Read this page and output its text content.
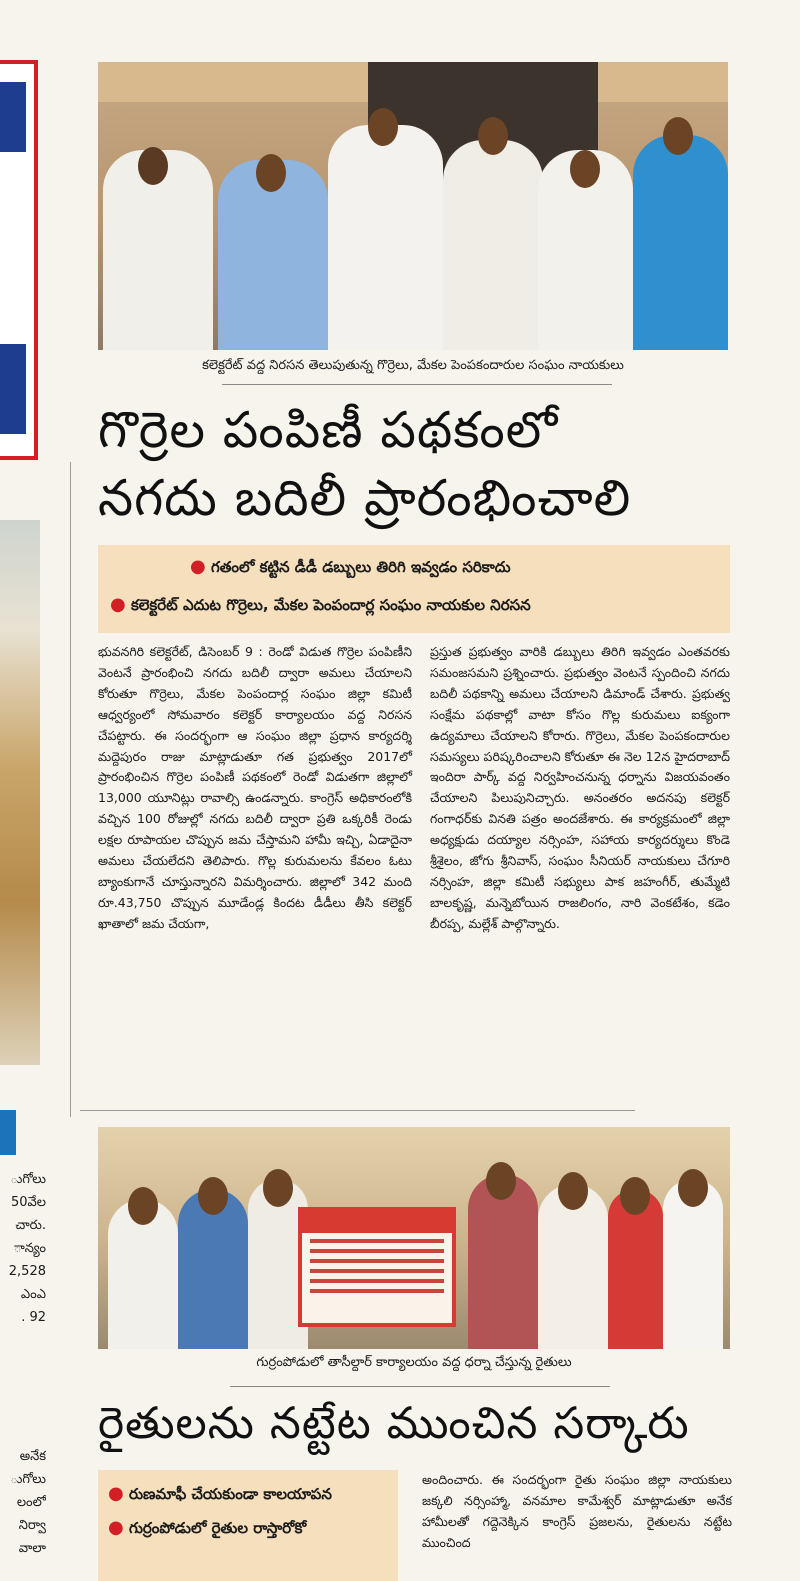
ుగోలు
50వేల
చారు.
ాన్యం
2,528
ఎంఎ
. 92
అనేక
ుగోలు
లంలో
నిర్వా
వాలా
కలెక్టరేట్ వద్ద నిరసన తెలుపుతున్న గొర్రెలు, మేకల పెంపకందారుల సంఘం నాయకులు
గొర్రెల పంపిణీ పథకంలో
నగదు బదిలీ ప్రారంభించాలి
● గతంలో కట్టిన డీడీ డబ్బులు తిరిగి ఇవ్వడం సరికాదు
● కలెక్టరేట్ ఎదుట గొర్రెలు, మేకల పెంపందార్ల సంఘం నాయకుల నిరసన

భువనగిరి కలెక్టరేట్, డిసెంబర్ 9 : రెండో విడుత గొర్రెల పంపిణీని వెంటనే ప్రారంభించి నగదు బదిలీ ద్వారా అమలు చేయాలని కోరుతూ గొర్రెలు, మేకల పెంపందార్ల సంఘం జిల్లా కమిటీ ఆధ్వర్యంలో సోమవారం కలెక్టర్ కార్యాలయం వద్ద నిరసన చేపట్టారు. ఈ సందర్భంగా ఆ సంఘం జిల్లా ప్రధాన కార్యదర్శి మద్దెపురం రాజు మాట్లాడుతూ గత ప్రభుత్వం 2017లో ప్రారంభించిన గొర్రెల పంపిణీ పథకంలో రెండో విడుతగా జిల్లాలో 13,000 యూనిట్లు రావాల్సి ఉండన్నారు. కాంగ్రెస్ అధికారంలోకి వచ్చిన 100 రోజుల్లో నగదు బదిలీ ద్వారా ప్రతి ఒక్కరికీ రెండు లక్షల రూపాయల చొప్పున జమ చేస్తామని హామీ ఇచ్చి, ఏడాదైనా అమలు చేయలేదని తెలిపారు. గొల్ల కురుమలను కేవలం ఓటు బ్యాంకుగానే చూస్తున్నారని విమర్శించారు. జిల్లాలో 342 మంది రూ.43,750 చొప్పున మూడేండ్ల కిందట డీడీలు తీసి కలెక్టర్ ఖాతాలో జమ చేయగా,

ప్రస్తుత ప్రభుత్వం వారికి డబ్బులు తిరిగి ఇవ్వడం ఎంతవరకు సమంజసమని ప్రశ్నించారు. ప్రభుత్వం వెంటనే స్పందించి నగదు బదిలీ పథకాన్ని అమలు చేయాలని డిమాండ్ చేశారు. ప్రభుత్వ సంక్షేమ పథకాల్లో వాటా కోసం గొల్ల కురుమలు ఐక్యంగా ఉద్యమాలు చేయాలని కోరారు. గొర్రెలు, మేకల పెంపకందారుల సమస్యలు పరిష్కరించాలని కోరుతూ ఈ నెల 12న హైదరాబాద్ ఇందిరా పార్క్ వద్ద నిర్వహించనున్న ధర్నాను విజయవంతం చేయాలని పిలుపునిచ్చారు. అనంతరం అదనపు కలెక్టర్ గంగాధర్‌కు వినతి పత్రం అందజేశారు. ఈ కార్యక్రమంలో జిల్లా అధ్యక్షుడు దయ్యాల నర్సింహ, సహాయ కార్యదర్శులు కొండె శ్రీశైలం, జోగు శ్రీనివాస్, సంఘం సీనియర్ నాయకులు చేగూరి నర్సింహ, జిల్లా కమిటీ సభ్యులు పాక జహంగీర్, తుమ్మేటి బాలకృష్ణ, మన్నెబోయిన రాజలింగం, నారి వెంకటేశం, కడెం బీరప్ప, మల్లేశ్ పాల్గొన్నారు.

గుర్రంపోడులో తాసీల్దార్ కార్యాలయం వద్ద ధర్నా చేస్తున్న రైతులు
రైతులను నట్టేట ముంచిన సర్కారు
● రుణమాఫీ చేయకుండా కాలయాపన
● గుర్రంపోడులో రైతుల రాస్తారోకో

అందించారు. ఈ సందర్భంగా రైతు సంఘం జిల్లా నాయకులు జక్కలి నర్సింహ్మా, వనమాల కామేశ్వర్ మాట్లాడుతూ అనేక హామీలతో గద్దెనెక్కిన కాంగ్రెస్ ప్రజలను, రైతులను నట్టేట ముంచింద
